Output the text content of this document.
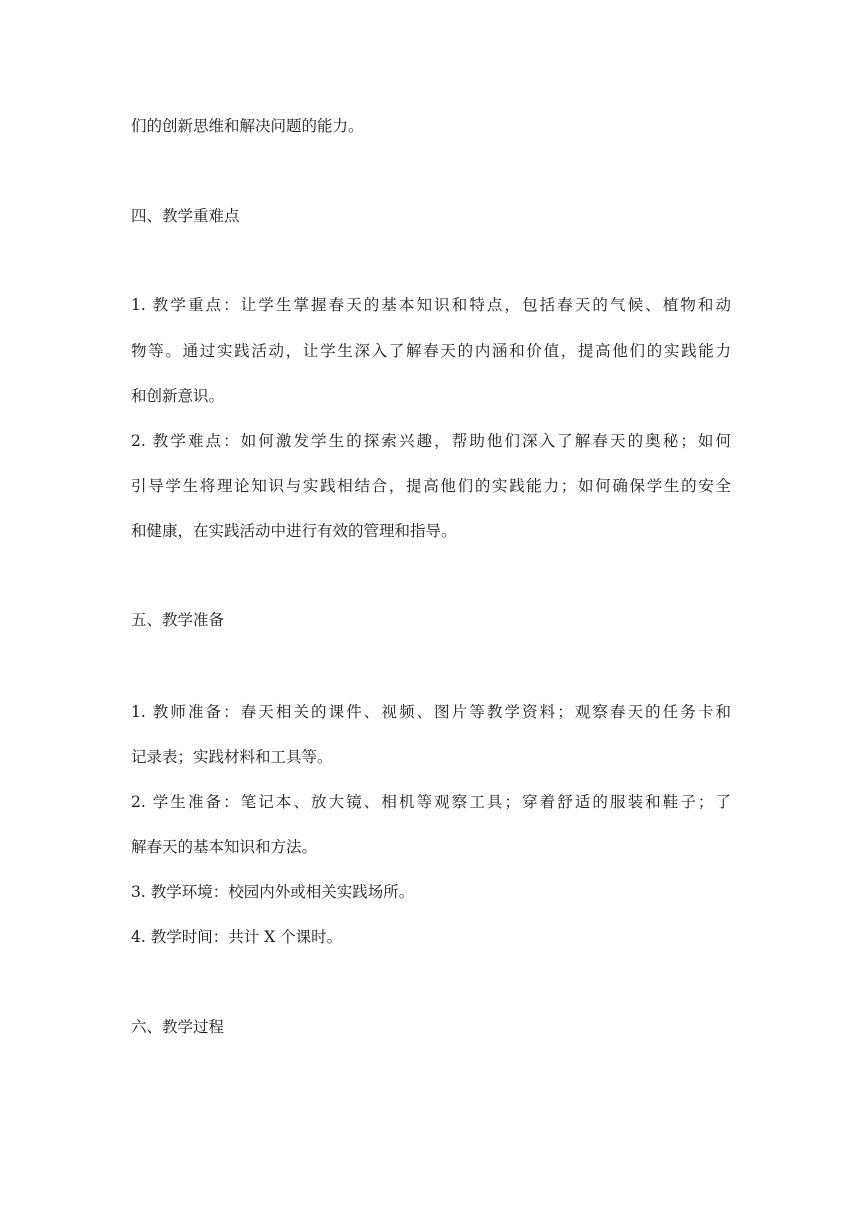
们的创新思维和解决问题的能力。
四、教学重难点
1. 教学重点：让学生掌握春天的基本知识和特点，包括春天的气候、植物和动
物等。通过实践活动，让学生深入了解春天的内涵和价值，提高他们的实践能力
和创新意识。
2. 教学难点：如何激发学生的探索兴趣，帮助他们深入了解春天的奥秘；如何
引导学生将理论知识与实践相结合，提高他们的实践能力；如何确保学生的安全
和健康，在实践活动中进行有效的管理和指导。
五、教学准备
1. 教师准备：春天相关的课件、视频、图片等教学资料；观察春天的任务卡和
记录表；实践材料和工具等。
2. 学生准备：笔记本、放大镜、相机等观察工具；穿着舒适的服装和鞋子；了
解春天的基本知识和方法。
3. 教学环境：校园内外或相关实践场所。
4. 教学时间：共计 X 个课时。
六、教学过程
